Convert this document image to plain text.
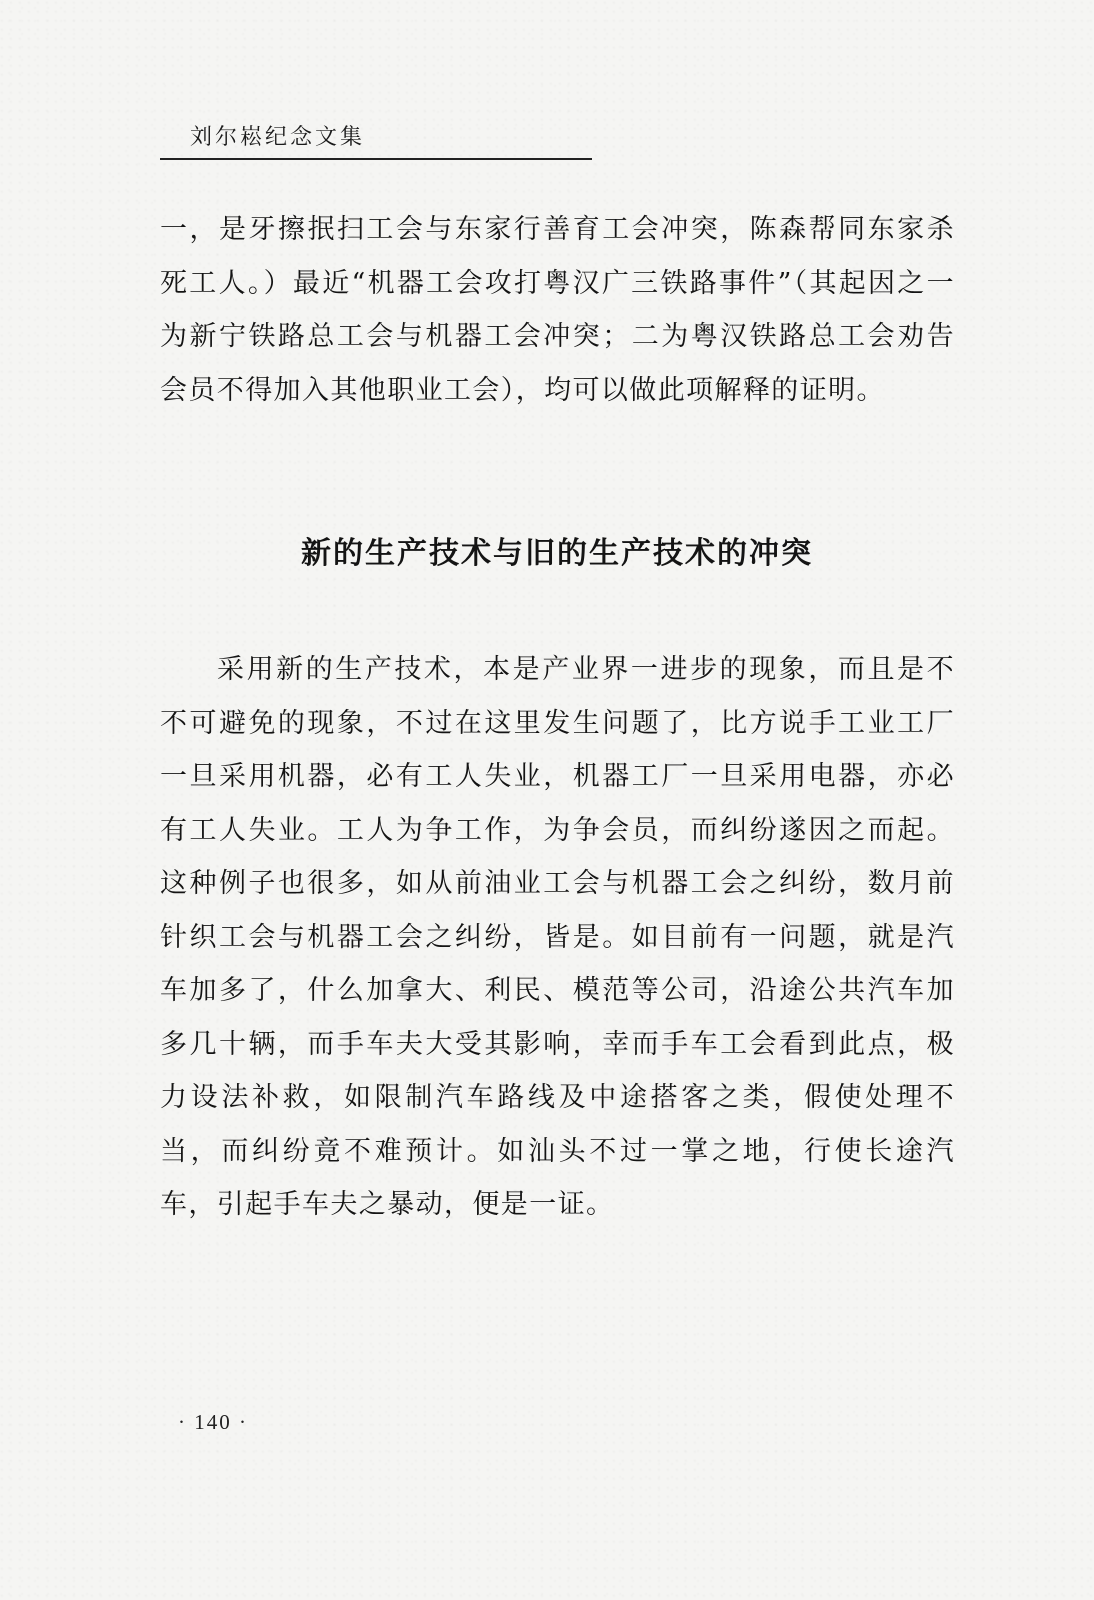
刘尔崧纪念文集

一，是牙擦抿扫工会与东家行善育工会冲突，陈森帮同东家杀死工人。）最近“机器工会攻打粤汉广三铁路事件”（其起因之一为新宁铁路总工会与机器工会冲突；二为粤汉铁路总工会劝告会员不得加入其他职业工会），均可以做此项解释的证明。

新的生产技术与旧的生产技术的冲突

采用新的生产技术，本是产业界一进步的现象，而且是不不可避免的现象，不过在这里发生问题了，比方说手工业工厂一旦采用机器，必有工人失业，机器工厂一旦采用电器，亦必有工人失业。工人为争工作，为争会员，而纠纷遂因之而起。这种例子也很多，如从前油业工会与机器工会之纠纷，数月前针织工会与机器工会之纠纷，皆是。如目前有一问题，就是汽车加多了，什么加拿大、利民、模范等公司，沿途公共汽车加多几十辆，而手车夫大受其影响，幸而手车工会看到此点，极力设法补救，如限制汽车路线及中途搭客之类，假使处理不当，而纠纷竟不难预计。如汕头不过一掌之地，行使长途汽车，引起手车夫之暴动，便是一证。

· 140 ·
